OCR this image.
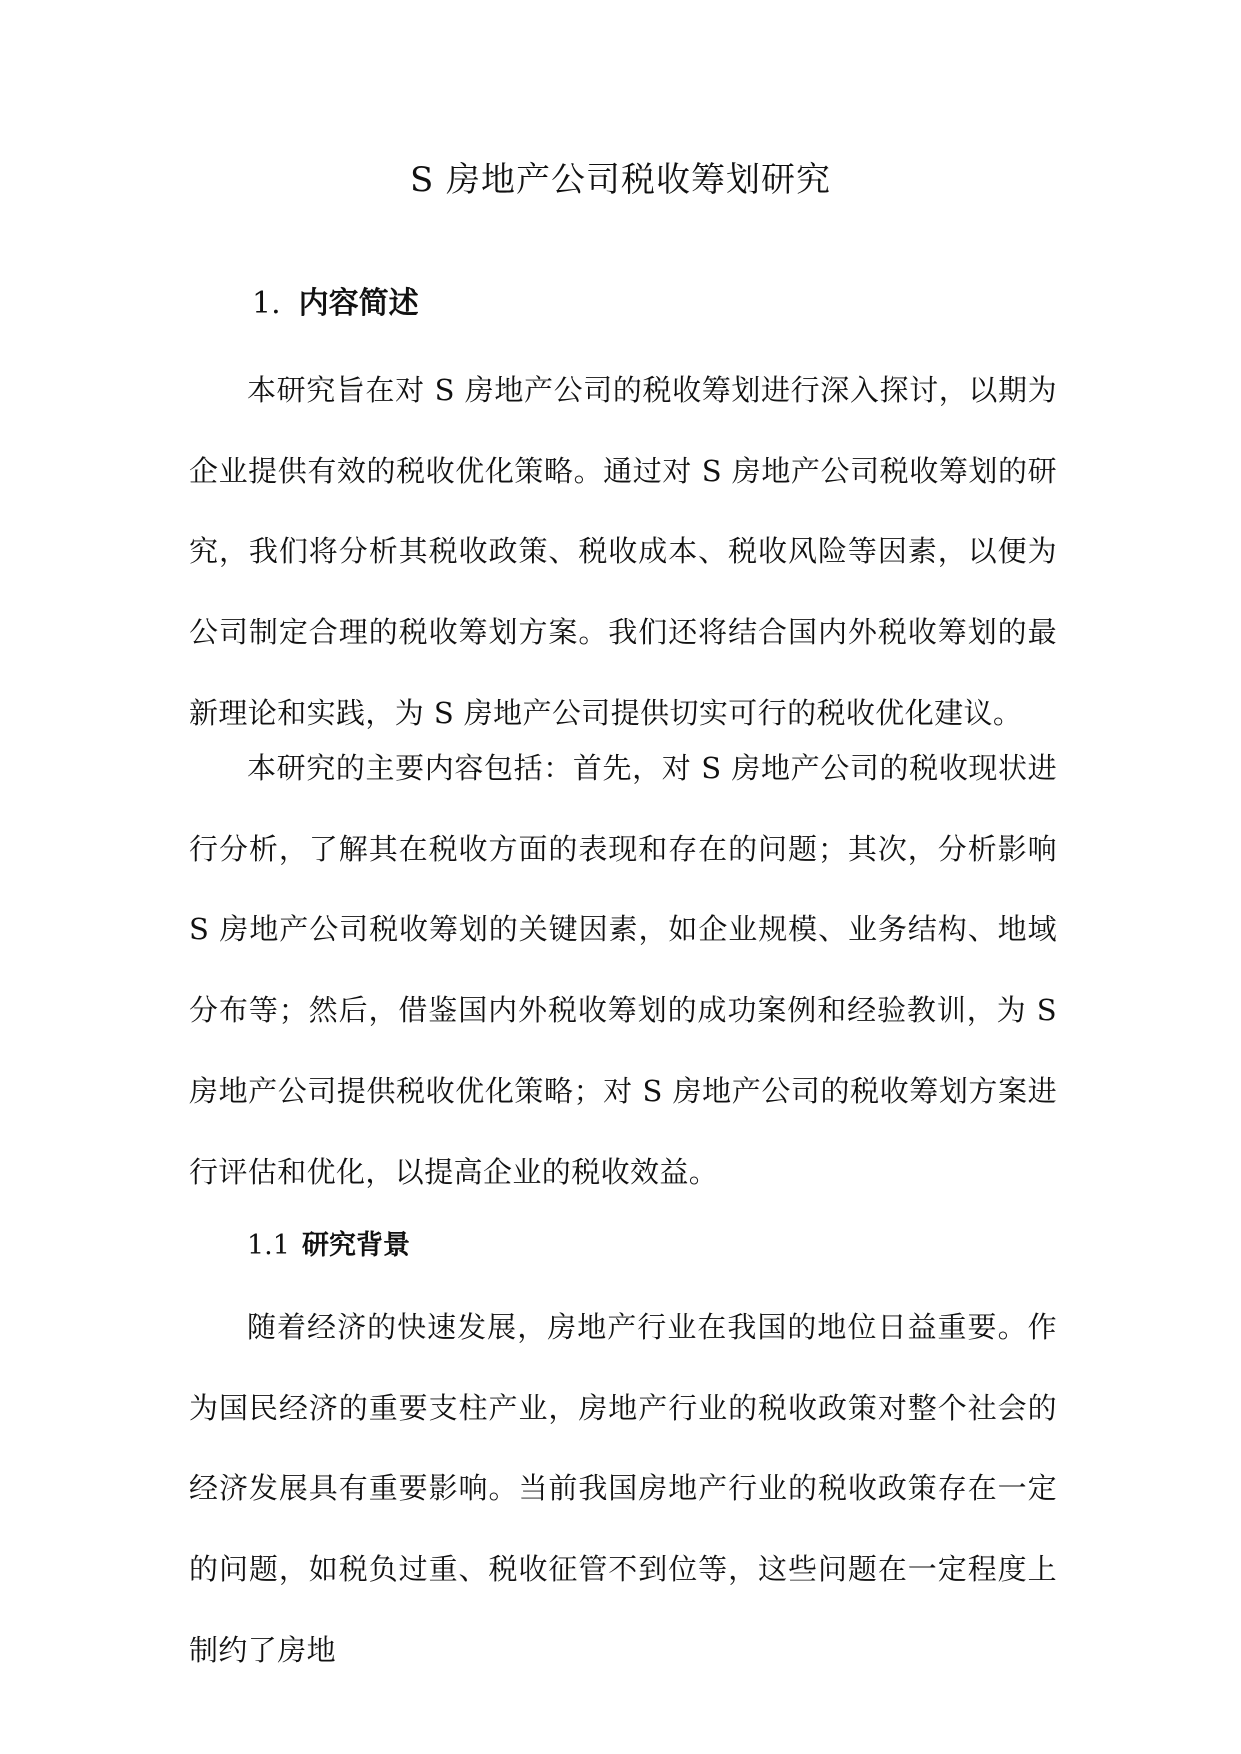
S 房地产公司税收筹划研究
1. 内容简述

本研究旨在对 S 房地产公司的税收筹划进行深入探讨，以期为企业提供有效的税收优化策略。通过对 S 房地产公司税收筹划的研究，我们将分析其税收政策、税收成本、税收风险等因素，以便为公司制定合理的税收筹划方案。我们还将结合国内外税收筹划的最新理论和实践，为 S 房地产公司提供切实可行的税收优化建议。

本研究的主要内容包括：首先，对 S 房地产公司的税收现状进行分析，了解其在税收方面的表现和存在的问题；其次，分析影响 S 房地产公司税收筹划的关键因素，如企业规模、业务结构、地域分布等；然后，借鉴国内外税收筹划的成功案例和经验教训，为 S 房地产公司提供税收优化策略；对 S 房地产公司的税收筹划方案进行评估和优化，以提高企业的税收效益。

1.1 研究背景

随着经济的快速发展，房地产行业在我国的地位日益重要。作为国民经济的重要支柱产业，房地产行业的税收政策对整个社会的经济发展具有重要影响。当前我国房地产行业的税收政策存在一定的问题，如税负过重、税收征管不到位等，这些问题在一定程度上制约了房地
